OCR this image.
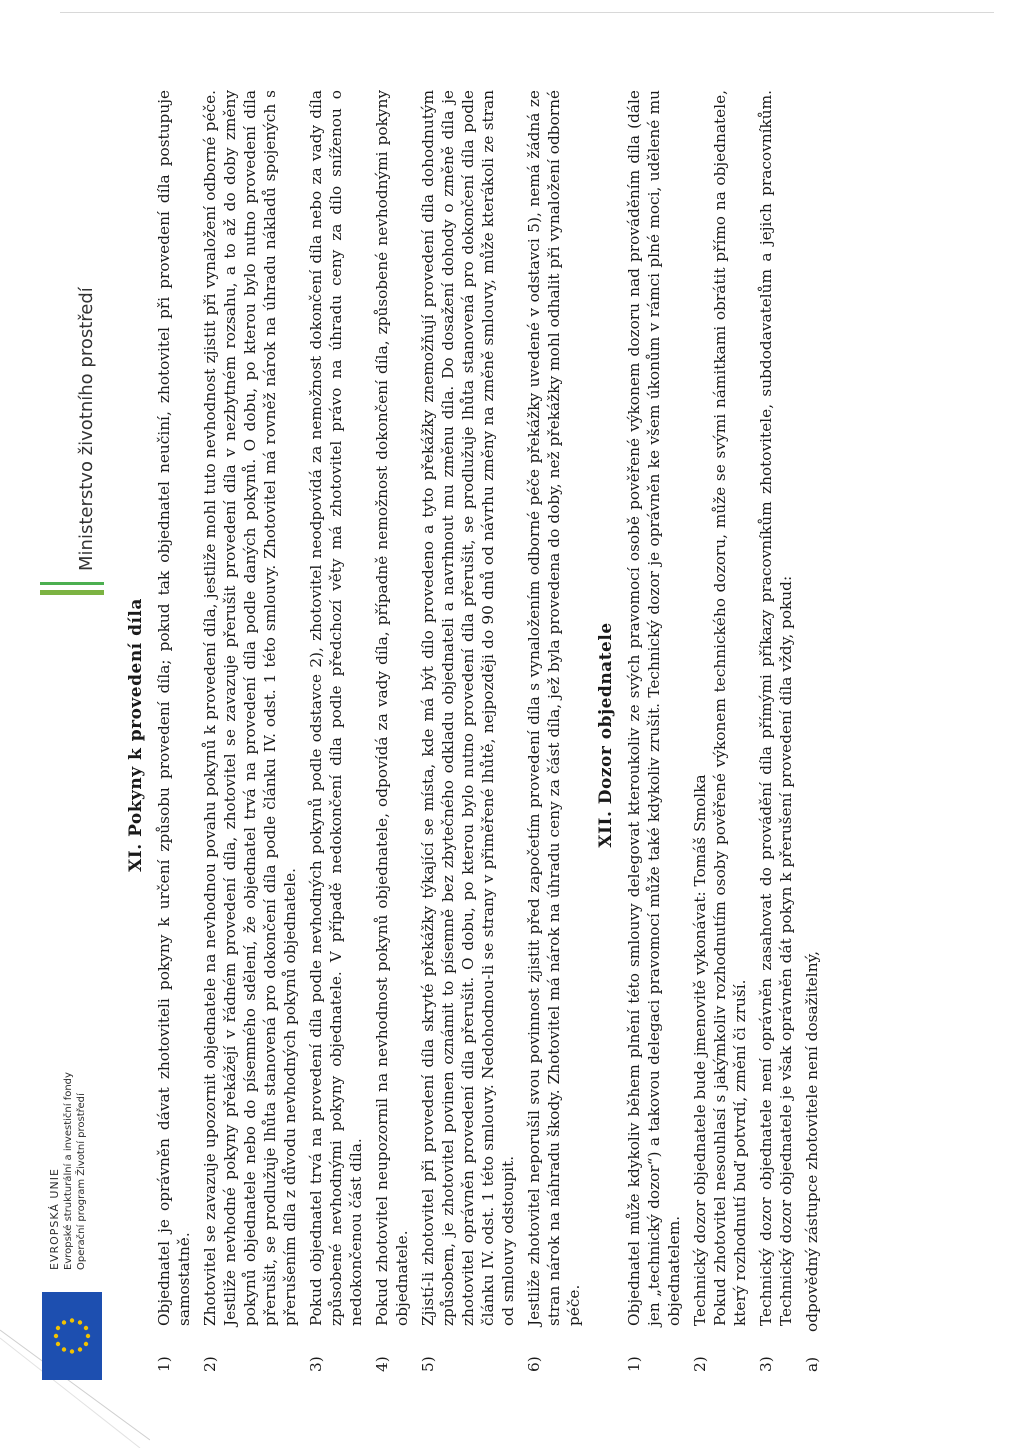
EVROPSKÁ UNIE Evropské strukturální a investiční fondy Operační program Životní prostředí
Ministerstvo životního prostředí
XI. Pokyny k provedení díla
1)
Objednatel je oprávněn dávat zhotoviteli pokyny k určení způsobu provedení díla; pokud tak objednatel neučiní, zhotovitel při provedení díla postupuje samostatně.
2)
Zhotovitel se zavazuje upozornit objednatele na nevhodnou povahu pokynů k provedení díla, jestliže mohl tuto nevhodnost zjistit při vynaložení odborné péče. Jestliže nevhodné pokyny překážejí v řádném provedení díla, zhotovitel se zavazuje přerušit provedení díla v nezbytném rozsahu, a to až do doby změny pokynů objednatele nebo do písemného sdělení, že objednatel trvá na provedení díla podle daných pokynů. O dobu, po kterou bylo nutno provedení díla přerušit, se prodlužuje lhůta stanovená pro dokončení díla podle článku IV. odst. 1 této smlouvy. Zhotovitel má rovněž nárok na úhradu nákladů spojených s přerušením díla z důvodu nevhodných pokynů objednatele.
3)
Pokud objednatel trvá na provedení díla podle nevhodných pokynů podle odstavce 2), zhotovitel neodpovídá za nemožnost dokončení díla nebo za vady díla způsobené nevhodnými pokyny objednatele. V případě nedokončení díla podle předchozí věty má zhotovitel právo na úhradu ceny za dílo sníženou o nedokončenou část díla.
4)
Pokud zhotovitel neupozornil na nevhodnost pokynů objednatele, odpovídá za vady díla, případně nemožnost dokončení díla, způsobené nevhodnými pokyny objednatele.
5)
Zjistí-li zhotovitel při provedení díla skryté překážky týkající se místa, kde má být dílo provedeno a tyto překážky znemožňují provedení díla dohodnutým způsobem, je zhotovitel povinen oznámit to písemně bez zbytečného odkladu objednateli a navrhnout mu změnu díla. Do dosažení dohody o změně díla je zhotovitel oprávněn provedení díla přerušit. O dobu, po kterou bylo nutno provedení díla přerušit, se prodlužuje lhůta stanovená pro dokončení díla podle článku IV. odst. 1 této smlouvy. Nedohodnou-li se strany v přiměřené lhůtě, nejpozději do 90 dnů od návrhu změny na změně smlouvy, může kterákoli ze stran od smlouvy odstoupit.
6)
Jestliže zhotovitel neporušil svou povinnost zjistit před započetím provedení díla s vynaložením odborné péče překážky uvedené v odstavci 5), nemá žádná ze stran nárok na náhradu škody. Zhotovitel má nárok na úhradu ceny za část díla, jež byla provedena do doby, než překážky mohl odhalit při vynaložení odborné péče.
XII. Dozor objednatele
1)
Objednatel může kdykoliv během plnění této smlouvy delegovat kteroukoliv ze svých pravomocí osobě pověřené výkonem dozoru nad prováděním díla (dále jen „technický dozor“) a takovou delegaci pravomocí může také kdykoliv zrušit. Technický dozor je oprávněn ke všem úkonům v rámci plné moci, udělené mu objednatelem.
2)
Technický dozor objednatele bude jmenovitě vykonávat: Tomáš Smolka Pokud zhotovitel nesouhlasí s jakýmkoliv rozhodnutím osoby pověřené výkonem technického dozoru, může se svými námitkami obrátit přímo na objednatele, který rozhodnutí buď potvrdí, změní či zruší.
3)
Technický dozor objednatele není oprávněn zasahovat do provádění díla přímými příkazy pracovníkům zhotovitele, subdodavatelům a jejich pracovníkům. Technický dozor objednatele je však oprávněn dát pokyn k přerušení provedení díla vždy, pokud:
a)
odpovědný zástupce zhotovitele není dosažitelný,
